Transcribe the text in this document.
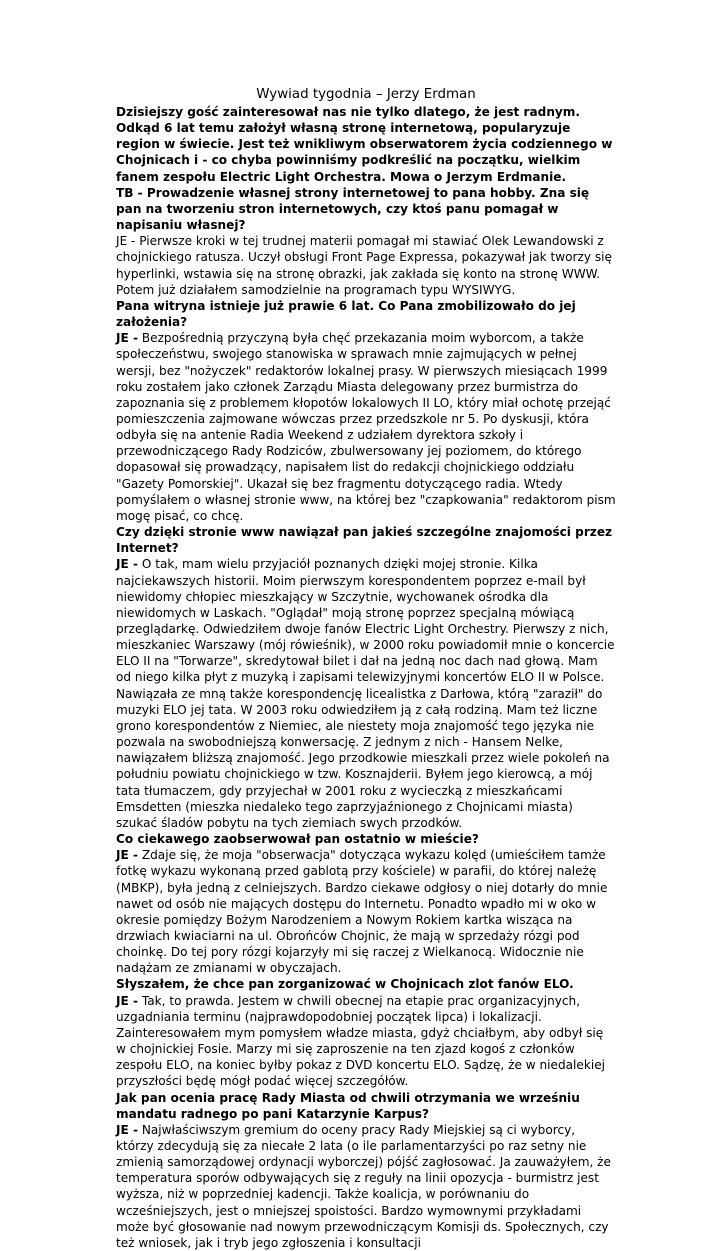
Wywiad tygodnia – Jerzy Erdman

Dzisiejszy gość zainteresował nas nie tylko dlatego, że jest radnym. Odkąd 6 lat temu założył własną stronę internetową, popularyzuje region w świecie. Jest też wnikliwym obserwatorem życia codziennego w Chojnicach i - co chyba powinniśmy podkreślić na początku, wielkim fanem zespołu Electric Light Orchestra. Mowa o Jerzym Erdmanie.

TB - Prowadzenie własnej strony internetowej to pana hobby. Zna się pan na tworzeniu stron internetowych, czy ktoś panu pomagał w napisaniu własnej?

JE - Pierwsze kroki w tej trudnej materii pomagał mi stawiać Olek Lewandowski z chojnickiego ratusza. Uczył obsługi Front Page Expressa, pokazywał jak tworzy się hyperlinki, wstawia się na stronę obrazki, jak zakłada się konto na stronę WWW. Potem już działałem samodzielnie na programach typu WYSIWYG.

Pana witryna istnieje już prawie 6 lat. Co Pana zmobilizowało do jej założenia?

JE - Bezpośrednią przyczyną była chęć przekazania moim wyborcom, a także społeczeństwu, swojego stanowiska w sprawach mnie zajmujących w pełnej wersji, bez "nożyczek" redaktorów lokalnej prasy. W pierwszych miesiącach 1999 roku zostałem jako członek Zarządu Miasta delegowany przez burmistrza do zapoznania się z problemem kłopotów lokalowych II LO, który miał ochotę przejąć pomieszczenia zajmowane wówczas przez przedszkole nr 5. Po dyskusji, która odbyła się na antenie Radia Weekend z udziałem dyrektora szkoły i przewodniczącego Rady Rodziców, zbulwersowany jej poziomem, do którego dopasował się prowadzący, napisałem list do redakcji chojnickiego oddziału "Gazety Pomorskiej". Ukazał się bez fragmentu dotyczącego radia. Wtedy pomyślałem o własnej stronie www, na której bez "czapkowania" redaktorom pism mogę pisać, co chcę.

Czy dzięki stronie www nawiązał pan jakieś szczególne znajomości przez Internet?

JE - O tak, mam wielu przyjaciół poznanych dzięki mojej stronie. Kilka najciekawszych historii. Moim pierwszym korespondentem poprzez e-mail był niewidomy chłopiec mieszkający w Szczytnie, wychowanek ośrodka dla niewidomych w Laskach. "Oglądał" moją stronę poprzez specjalną mówiącą przeglądarkę. Odwiedziłem dwoje fanów Electric Light Orchestry. Pierwszy z nich, mieszkaniec Warszawy (mój rówieśnik), w 2000 roku powiadomił mnie o koncercie ELO II na "Torwarze", skredytował bilet i dał na jedną noc dach nad głową. Mam od niego kilka płyt z muzyką i zapisami telewizyjnymi koncertów ELO II w Polsce. Nawiązała ze mną także korespondencję licealistka z Darłowa, którą "zaraził" do muzyki ELO jej tata. W 2003 roku odwiedziłem ją z całą rodziną. Mam też liczne grono korespondentów z Niemiec, ale niestety moja znajomość tego języka nie pozwala na swobodniejszą konwersację. Z jednym z nich - Hansem Nelke, nawiązałem bliższą znajomość. Jego przodkowie mieszkali przez wiele pokoleń na południu powiatu chojnickiego w tzw. Kosznajderii. Byłem jego kierowcą, a mój tata tłumaczem, gdy przyjechał w 2001 roku z wycieczką z mieszkańcami Emsdetten (mieszka niedaleko tego zaprzyjaźnionego z Chojnicami miasta) szukać śladów pobytu na tych ziemiach swych przodków.

Co ciekawego zaobserwował pan ostatnio w mieście?

JE - Zdaje się, że moja "obserwacja" dotycząca wykazu kolęd (umieściłem tamże fotkę wykazu wykonaną przed gablotą przy kościele) w parafii, do której należę (MBKP), była jedną z celniejszych. Bardzo ciekawe odgłosy o niej dotarły do mnie nawet od osób nie mających dostępu do Internetu. Ponadto wpadło mi w oko w okresie pomiędzy Bożym Narodzeniem a Nowym Rokiem kartka wisząca na drzwiach kwiaciarni na ul. Obrońców Chojnic, że mają w sprzedaży rózgi pod choinkę. Do tej pory rózgi kojarzyły mi się raczej z Wielkanocą. Widocznie nie nadążam ze zmianami w obyczajach.

Słyszałem, że chce pan zorganizować w Chojnicach zlot fanów ELO.

JE - Tak, to prawda. Jestem w chwili obecnej na etapie prac organizacyjnych, uzgadniania terminu (najprawdopodobniej początek lipca) i lokalizacji. Zainteresowałem mym pomysłem władze miasta, gdyż chciałbym, aby odbył się w chojnickiej Fosie. Marzy mi się zaproszenie na ten zjazd kogoś z członków zespołu ELO, na koniec byłby pokaz z DVD koncertu ELO. Sądzę, że w niedalekiej przyszłości będę mógł podać więcej szczegółów.

Jak pan ocenia pracę Rady Miasta od chwili otrzymania we wrześniu mandatu radnego po pani Katarzynie Karpus?

JE - Najwłaściwszym gremium do oceny pracy Rady Miejskiej są ci wyborcy, którzy zdecydują się za niecałe 2 lata (o ile parlamentarzyści po raz setny nie zmienią samorządowej ordynacji wyborczej) pójść zagłosować. Ja zauważyłem, że temperatura sporów odbywających się z reguły na linii opozycja - burmistrz jest wyższa, niż w poprzedniej kadencji. Także koalicja, w porównaniu do wcześniejszych, jest o mniejszej spoistości. Bardzo wymownymi przykładami może być głosowanie nad nowym przewodniczącym Komisji ds. Społecznych, czy też wniosek, jak i tryb jego zgłoszenia i konsultacji
